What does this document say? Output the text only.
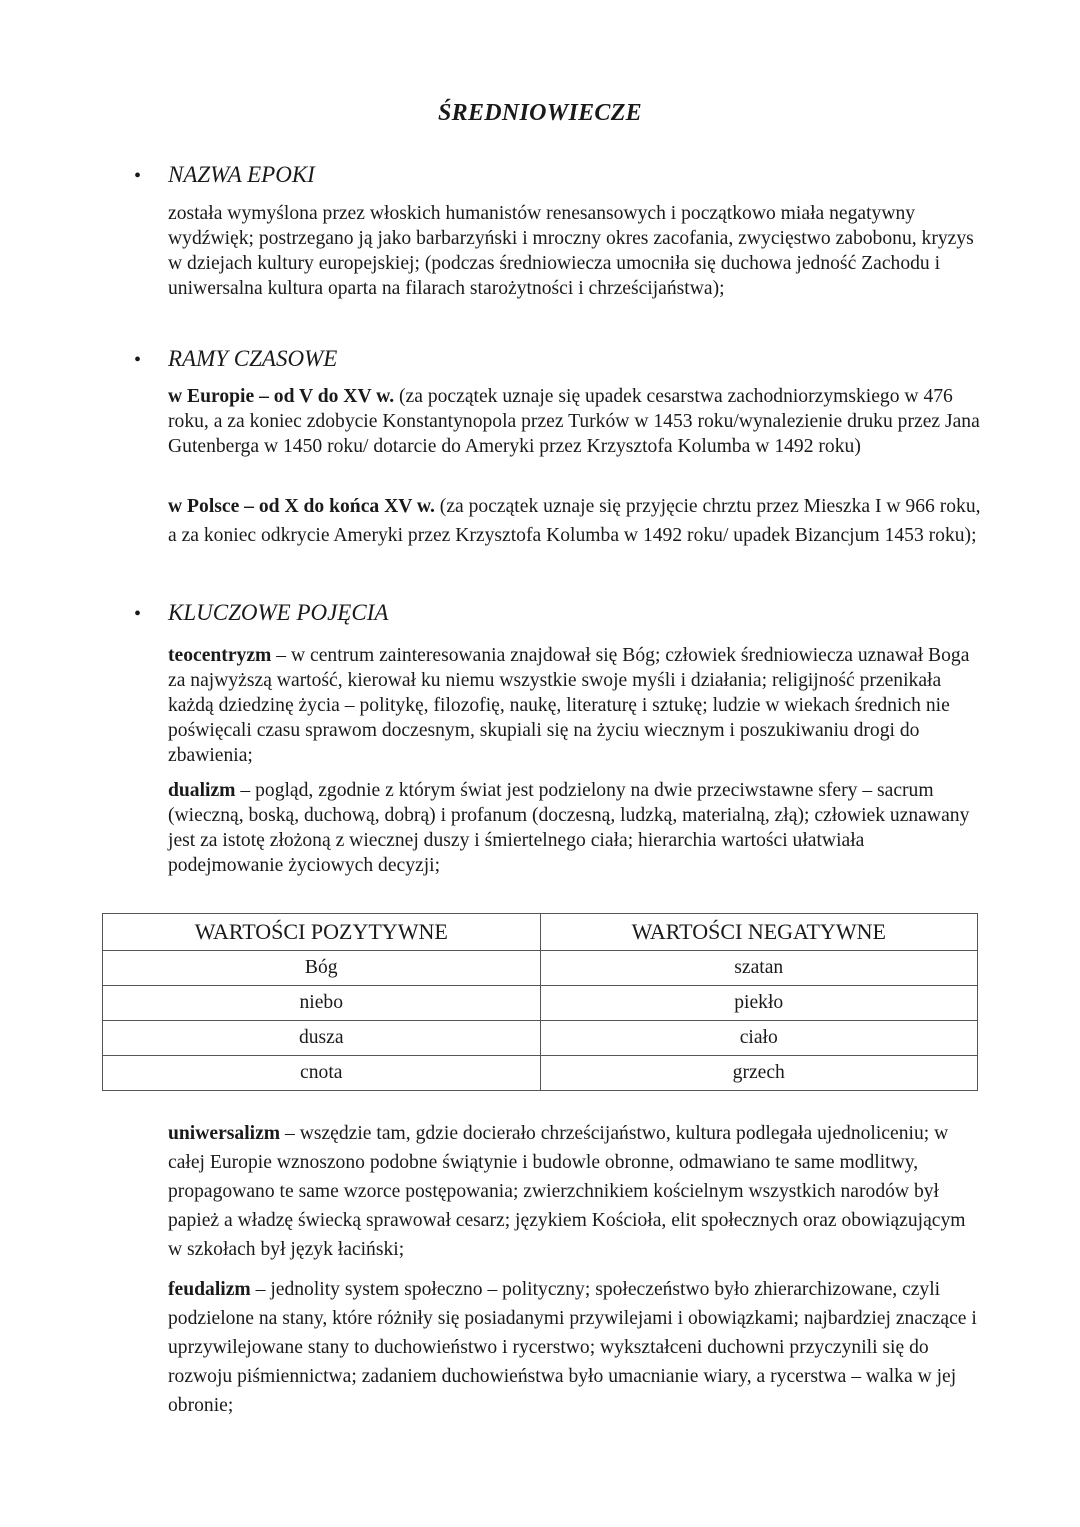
ŚREDNIOWIECZE
• NAZWA EPOKI
została wymyślona przez włoskich humanistów renesansowych i początkowo miała negatywny wydźwięk; postrzegano ją jako barbarzyński i mroczny okres zacofania, zwycięstwo zabobonu, kryzys w dziejach kultury europejskiej; (podczas średniowiecza umocniła się duchowa jedność Zachodu i uniwersalna kultura oparta na filarach starożytności i chrześcijaństwa);
• RAMY CZASOWE
w Europie – od V do XV w. (za początek uznaje się upadek cesarstwa zachodniorzymskiego w 476 roku, a za koniec zdobycie Konstantynopola przez Turków w 1453 roku/wynalezienie druku przez Jana Gutenberga w 1450 roku/ dotarcie do Ameryki przez Krzysztofa Kolumba w 1492 roku)
w Polsce – od X do końca XV w. (za początek uznaje się przyjęcie chrztu przez Mieszka I w 966 roku, a za koniec odkrycie Ameryki przez Krzysztofa Kolumba w 1492 roku/ upadek Bizancjum 1453 roku);
• KLUCZOWE POJĘCIA
teocentryzm – w centrum zainteresowania znajdował się Bóg; człowiek średniowiecza uznawał Boga za najwyższą wartość, kierował ku niemu wszystkie swoje myśli i działania; religijność przenikała każdą dziedzinę życia – politykę, filozofię, naukę, literaturę i sztukę; ludzie w wiekach średnich nie poświęcali czasu sprawom doczesnym, skupiali się na życiu wiecznym i poszukiwaniu drogi do zbawienia;
dualizm – pogląd, zgodnie z którym świat jest podzielony na dwie przeciwstawne sfery – sacrum (wieczną, boską, duchową, dobrą) i profanum (doczesną, ludzką, materialną, złą); człowiek uznawany jest za istotę złożoną z wiecznej duszy i śmiertelnego ciała; hierarchia wartości ułatwiała podejmowanie życiowych decyzji;
WARTOŚCI POZYTYWNE	WARTOŚCI NEGATYWNE
Bóg	szatan
niebo	piekło
dusza	ciało
cnota	grzech
uniwersalizm – wszędzie tam, gdzie docierało chrześcijaństwo, kultura podlegała ujednoliceniu; w całej Europie wznoszono podobne świątynie i budowle obronne, odmawiano te same modlitwy, propagowano te same wzorce postępowania; zwierzchnikiem kościelnym wszystkich narodów był papież a władzę świecką sprawował cesarz; językiem Kościoła, elit społecznych oraz obowiązującym w szkołach był język łaciński;
feudalizm – jednolity system społeczno – polityczny; społeczeństwo było zhierarchizowane, czyli podzielone na stany, które różniły się posiadanymi przywilejami i obowiązkami; najbardziej znaczące i uprzywilejowane stany to duchowieństwo i rycerstwo; wykształceni duchowni przyczynili się do rozwoju piśmiennictwa; zadaniem duchowieństwa było umacnianie wiary, a rycerstwa – walka w jej obronie;
